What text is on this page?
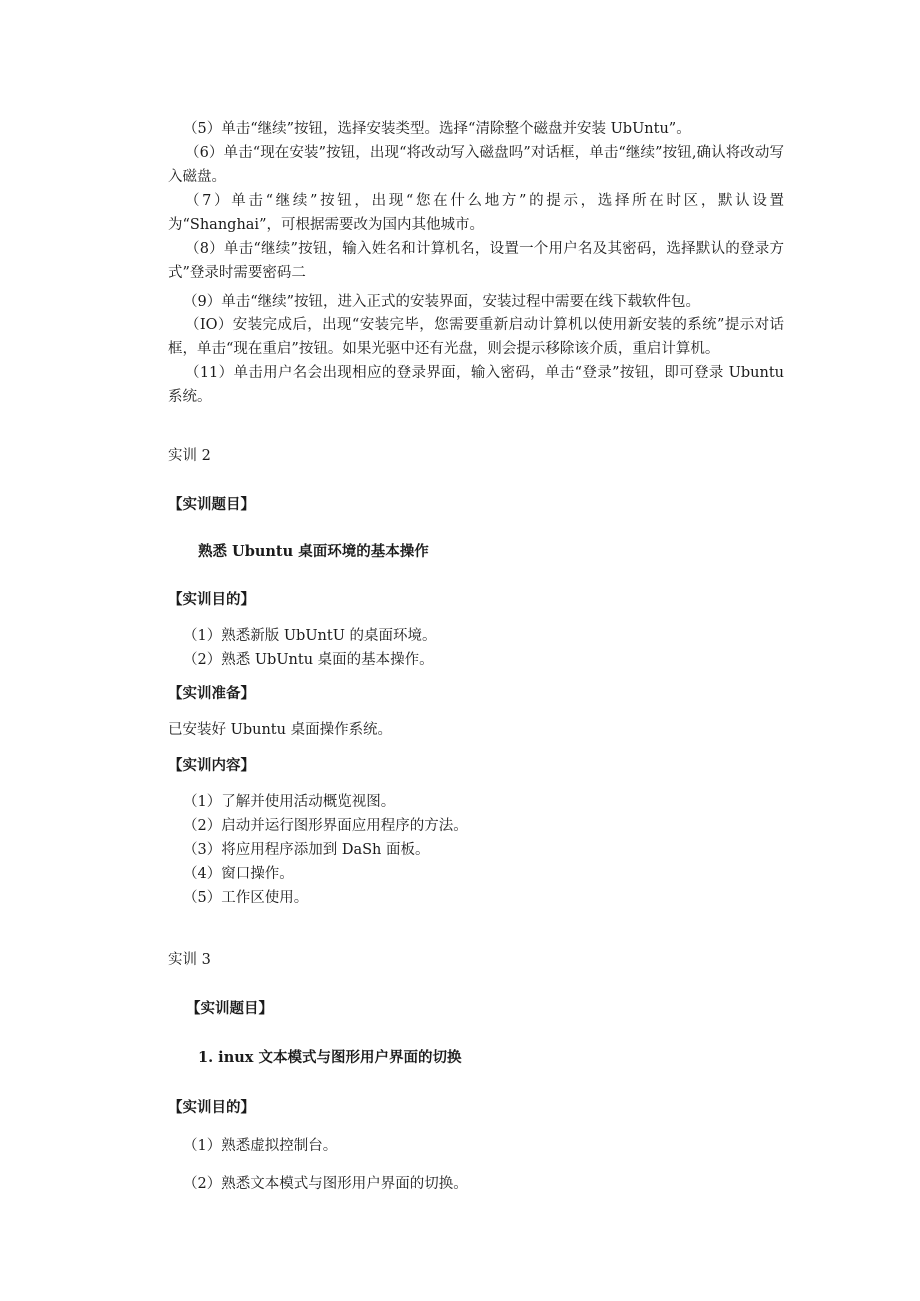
（5）单击“继续”按钮，选择安装类型。选择“清除整个磁盘并安装 UbUntu”。
（6）单击“现在安装”按钮，出现“将改动写入磁盘吗”对话框，单击“继续”按钮,确认将改动写入磁盘。
（7）单击“继续”按钮，出现“您在什么地方”的提示，选择所在时区，默认设置为“Shanghai”，可根据需要改为国内其他城市。
（8）单击“继续”按钮，输入姓名和计算机名，设置一个用户名及其密码，选择默认的登录方式”登录时需要密码二
（9）单击“继续”按钮，进入正式的安装界面，安装过程中需要在线下载软件包。
（IO）安装完成后，出现“安装完毕，您需要重新启动计算机以使用新安装的系统”提示对话框，单击“现在重启”按钮。如果光驱中还有光盘，则会提示移除该介质，重启计算机。
（11）单击用户名会出现相应的登录界面，输入密码，单击“登录”按钮，即可登录 Ubuntu 系统。
实训 2
【实训题目】
熟悉 Ubuntu 桌面环境的基本操作
【实训目的】
（1）熟悉新版 UbUntU 的桌面环境。
（2）熟悉 UbUntu 桌面的基本操作。
【实训准备】
已安装好 Ubuntu 桌面操作系统。
【实训内容】
（1）了解并使用活动概览视图。
（2）启动并运行图形界面应用程序的方法。
（3）将应用程序添加到 DaSh 面板。
（4）窗口操作。
（5）工作区使用。
实训 3
【实训题目】
1. inux 文本模式与图形用户界面的切换
【实训目的】
（1）熟悉虚拟控制台。
（2）熟悉文本模式与图形用户界面的切换。
